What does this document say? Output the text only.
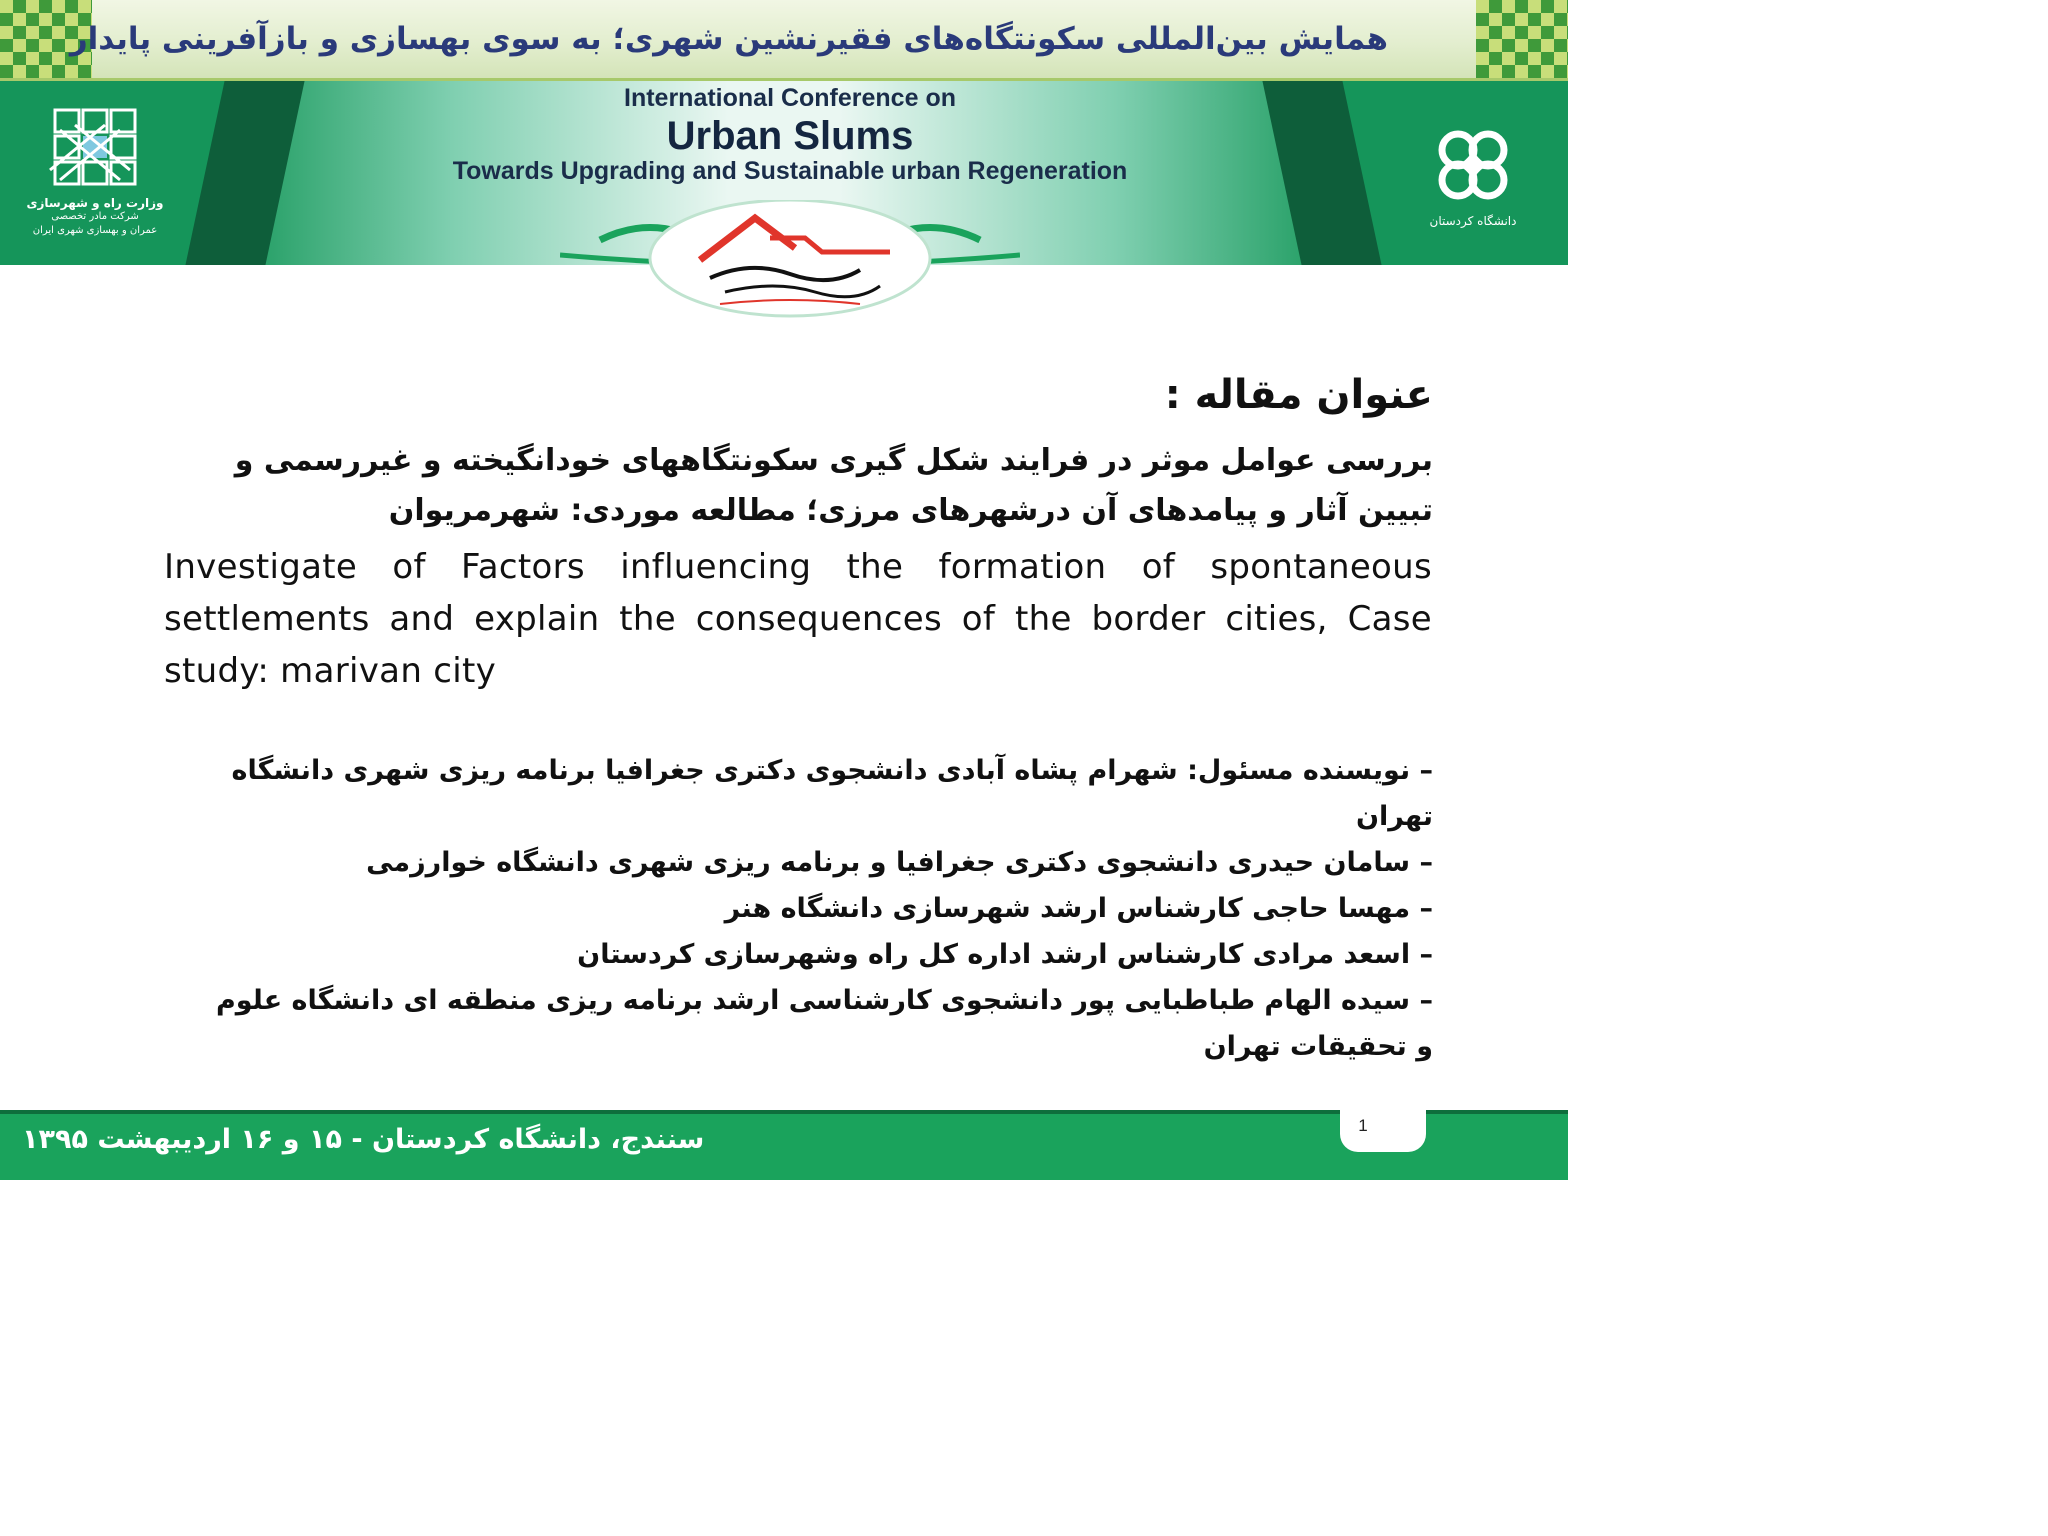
همایش بین‌المللی سکونتگاه‌های فقیرنشین شهری؛ به سوی بهسازی و بازآفرینی پایدار
International Conference on
Urban Slums
Towards Upgrading and Sustainable urban Regeneration
وزارت راه و شهرسازی
شرکت مادر تخصصی
عمران و بهسازی شهری ایران
دانشگاه کردستان
عنوان مقاله :
بررسی عوامل موثر در فرایند شکل گیری سکونتگاههای خودانگیخته و غیررسمی و تبیین آثار و پیامدهای آن درشهرهای مرزی؛ مطالعه موردی: شهرمریوان
Investigate of Factors influencing the formation of spontaneous settlements and explain the consequences of the border cities, Case study: marivan city
– نویسنده مسئول: شهرام پشاه آبادی دانشجوی دکتری جغرافیا برنامه ریزی شهری دانشگاه تهران
– سامان حیدری دانشجوی دکتری جغرافیا و برنامه ریزی شهری دانشگاه خوارزمی
– مهسا حاجی کارشناس ارشد شهرسازی دانشگاه هنر
– اسعد مرادی کارشناس ارشد اداره کل راه وشهرسازی کردستان
– سیده الهام طباطبایی پور دانشجوی کارشناسی ارشد برنامه ریزی منطقه ای دانشگاه علوم و تحقیقات تهران
1
سنندج، دانشگاه کردستان - ۱۵ و ۱۶ اردیبهشت ۱۳۹۵
